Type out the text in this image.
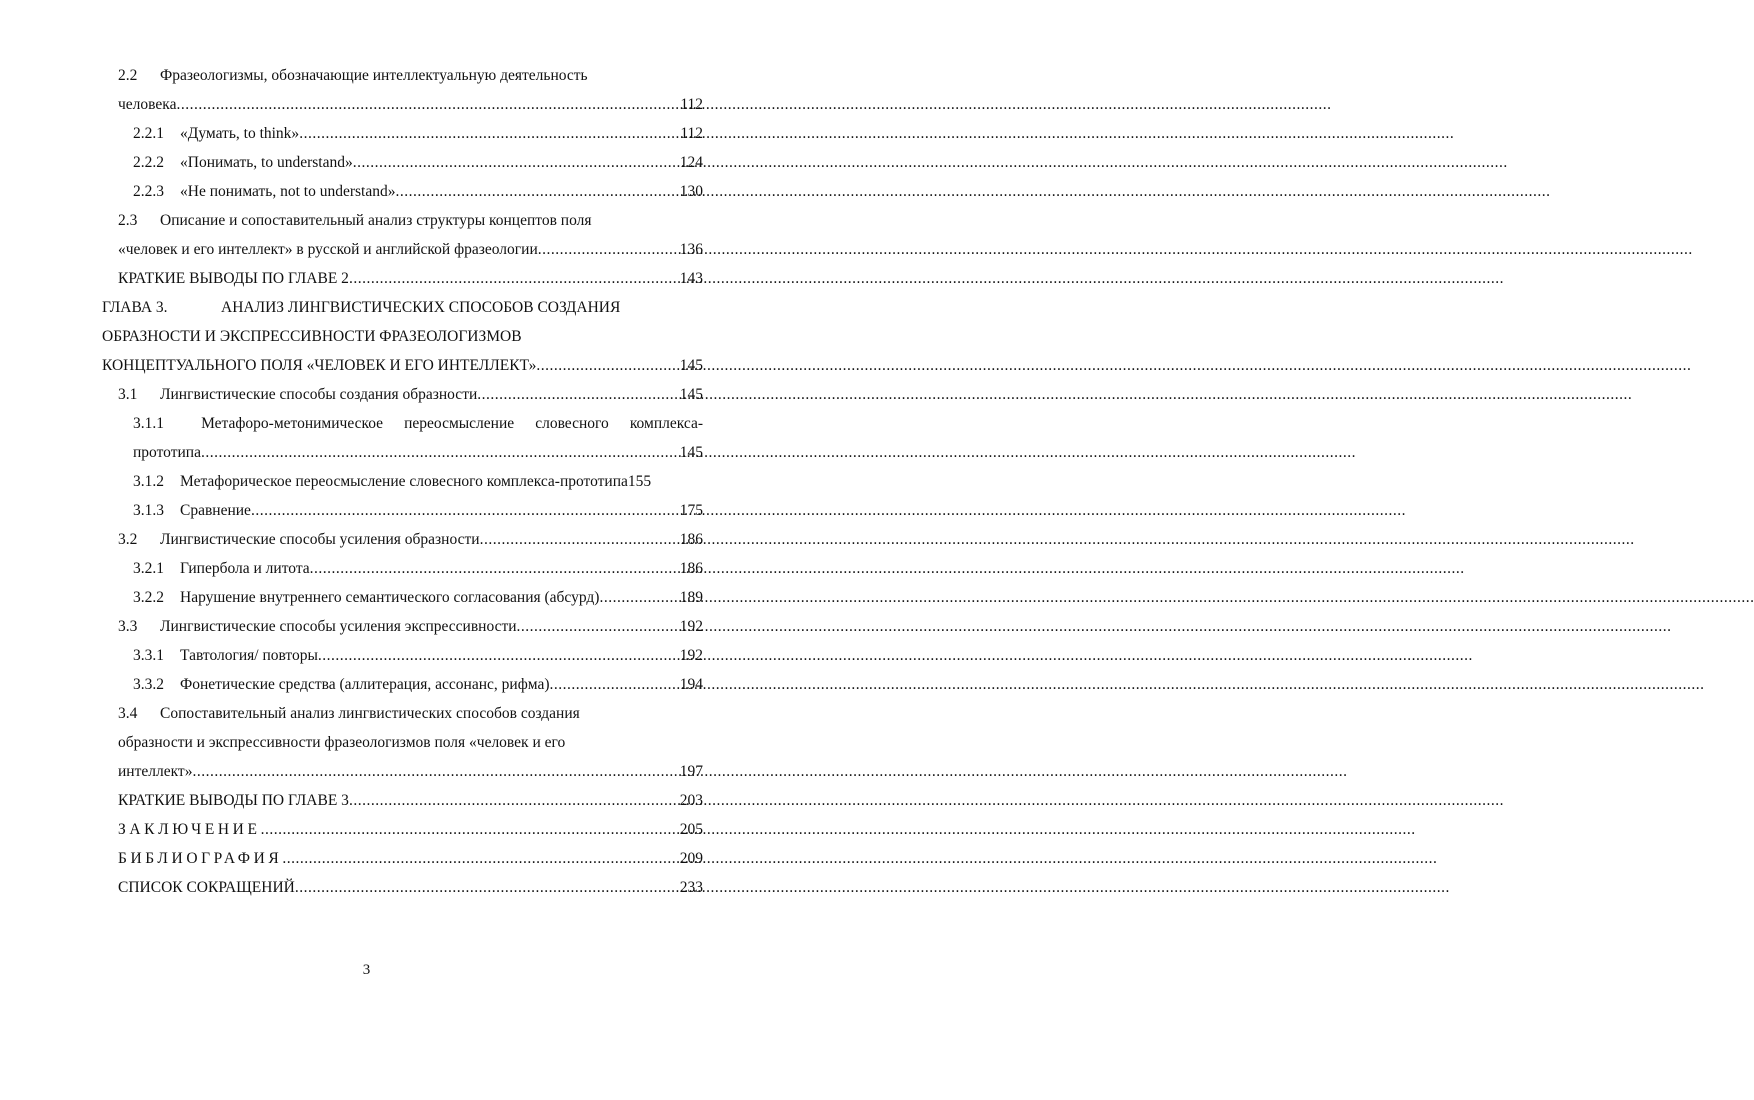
2.2	Фразеологизмы, обозначающие интеллектуальную деятельность
человека .....	112
2.2.1	«Думать, to think» .....	112
2.2.2	«Понимать, to understand» .....	124
2.2.3	«Не понимать, not to understand» .....	130
2.3	Описание и сопоставительный анализ структуры концептов поля
«человек и его интеллект» в русской и английской фразеологии .....	136
КРАТКИЕ ВЫВОДЫ ПО ГЛАВЕ 2 .....	143
ГЛАВА 3.	АНАЛИЗ ЛИНГВИСТИЧЕСКИХ СПОСОБОВ СОЗДАНИЯ
ОБРАЗНОСТИ И ЭКСПРЕССИВНОСТИ ФРАЗЕОЛОГИЗМОВ
КОНЦЕПТУАЛЬНОГО ПОЛЯ «ЧЕЛОВЕК И ЕГО ИНТЕЛЛЕКТ» .....	145
3.1	Лингвистические способы создания образности .....	145
3.1.1	Метафоро-метонимическое переосмысление словесного комплекса-
прототипа .....	145
3.1.2	Метафорическое переосмысление словесного комплекса-прототипа 155
3.1.3	Сравнение .....	175
3.2	Лингвистические способы усиления образности .....	186
3.2.1	Гипербола и литота .....	186
3.2.2	Нарушение внутреннего семантического согласования (абсурд) .....	189
3.3	Лингвистические способы усиления экспрессивности .....	192
3.3.1	Тавтология/ повторы .....	192
3.3.2	Фонетические средства (аллитерация, ассонанс, рифма) .....	194
3.4	Сопоставительный анализ лингвистических способов создания
образности и экспрессивности фразеологизмов поля «человек и его
интеллект» .....	197
КРАТКИЕ ВЫВОДЫ ПО ГЛАВЕ 3 .....	203
ЗАКЛЮЧЕНИЕ .....	205
БИБЛИОГРАФИЯ .....	209
СПИСОК СОКРАЩЕНИЙ .....	233
3
